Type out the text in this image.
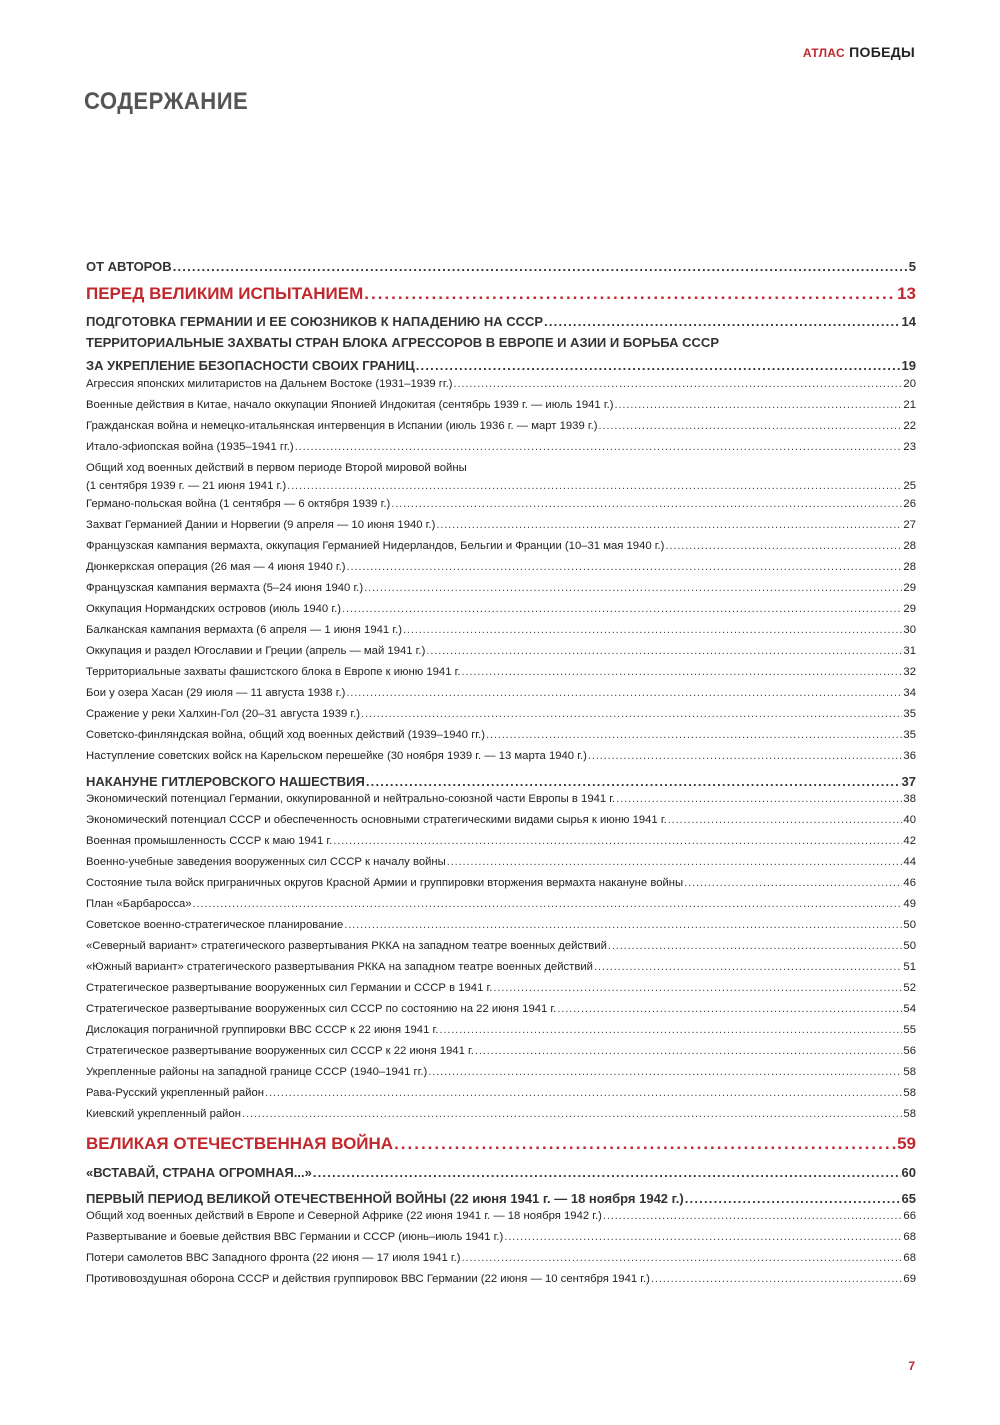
АТЛАС ПОБЕДЫ
СОДЕРЖАНИЕ
ОТ АВТОРОВ .....	5
ПЕРЕД ВЕЛИКИМ ИСПЫТАНИЕМ .....	13
ПОДГОТОВКА ГЕРМАНИИ И ЕЕ СОЮЗНИКОВ К НАПАДЕНИЮ НА СССР .....	14
ТЕРРИТОРИАЛЬНЫЕ ЗАХВАТЫ СТРАН БЛОКА АГРЕССОРОВ В ЕВРОПЕ И АЗИИ И БОРЬБА СССР
ЗА УКРЕПЛЕНИЕ БЕЗОПАСНОСТИ СВОИХ ГРАНИЦ .....	19
Агрессия японских милитаристов на Дальнем Востоке (1931–1939 гг.) .....	20
Военные действия в Китае, начало оккупации Японией Индокитая (сентябрь 1939 г. — июль 1941 г.) .....	21
Гражданская война и немецко-итальянская интервенция в Испании (июль 1936 г. — март 1939 г.) .....	22
Итало-эфиопская война (1935–1941 гг.) .....	23
Общий ход военных действий в первом периоде Второй мировой войны
(1 сентября 1939 г. — 21 июня 1941 г.) .....	25
Германо-польская война (1 сентября — 6 октября 1939 г.) .....	26
Захват Германией Дании и Норвегии (9 апреля — 10 июня 1940 г.) .....	27
Французская кампания вермахта, оккупация Германией Нидерландов, Бельгии и Франции (10–31 мая 1940 г.) .....	28
Дюнкеркская операция (26 мая — 4 июня 1940 г.) .....	28
Французская кампания вермахта (5–24 июня 1940 г.) .....	29
Оккупация Нормандских островов (июль 1940 г.) .....	29
Балканская кампания вермахта (6 апреля — 1 июня 1941 г.) .....	30
Оккупация и раздел Югославии и Греции (апрель — май 1941 г.) .....	31
Территориальные захваты фашистского блока в Европе к июню 1941 г. .....	32
Бои у озера Хасан (29 июля — 11 августа 1938 г.) .....	34
Сражение у реки Халхин-Гол (20–31 августа 1939 г.) .....	35
Советско-финляндская война, общий ход военных действий (1939–1940 гг.) .....	35
Наступление советских войск на Карельском перешейке (30 ноября 1939 г. — 13 марта 1940 г.) .....	36
НАКАНУНЕ ГИТЛЕРОВСКОГО НАШЕСТВИЯ .....	37
Экономический потенциал Германии, оккупированной и нейтрально-союзной части Европы в 1941 г. .....	38
Экономический потенциал СССР и обеспеченность основными стратегическими видами сырья к июню 1941 г. .....	40
Военная промышленность СССР к маю 1941 г. .....	42
Военно-учебные заведения вооруженных сил СССР к началу войны .....	44
Состояние тыла войск приграничных округов Красной Армии и группировки вторжения вермахта накануне войны .....	46
План «Барбаросса» .....	49
Советское военно-стратегическое планирование .....	50
«Северный вариант» стратегического развертывания РККА на западном театре военных действий .....	50
«Южный вариант» стратегического развертывания РККА на западном театре военных действий .....	51
Стратегическое развертывание вооруженных сил Германии и СССР в 1941 г. .....	52
Стратегическое развертывание вооруженных сил СССР по состоянию на 22 июня 1941 г. .....	54
Дислокация пограничной группировки ВВС СССР к 22 июня 1941 г. .....	55
Стратегическое развертывание вооруженных сил СССР к 22 июня 1941 г. .....	56
Укрепленные районы на западной границе СССР (1940–1941 гг.) .....	58
Рава-Русский укрепленный район .....	58
Киевский укрепленный район .....	58
ВЕЛИКАЯ ОТЕЧЕСТВЕННАЯ ВОЙНА .....	59
«ВСТАВАЙ, СТРАНА ОГРОМНАЯ...» .....	60
ПЕРВЫЙ ПЕРИОД ВЕЛИКОЙ ОТЕЧЕСТВЕННОЙ ВОЙНЫ (22 июня 1941 г. — 18 ноября 1942 г.) .....	65
Общий ход военных действий в Европе и Северной Африке (22 июня 1941 г. — 18 ноября 1942 г.) .....	66
Развертывание и боевые действия ВВС Германии и СССР (июнь–июль 1941 г.) .....	68
Потери самолетов ВВС Западного фронта (22 июня — 17 июля 1941 г.) .....	68
Противовоздушная оборона СССР и действия группировок ВВС Германии (22 июня — 10 сентября 1941 г.) .....	69
7
